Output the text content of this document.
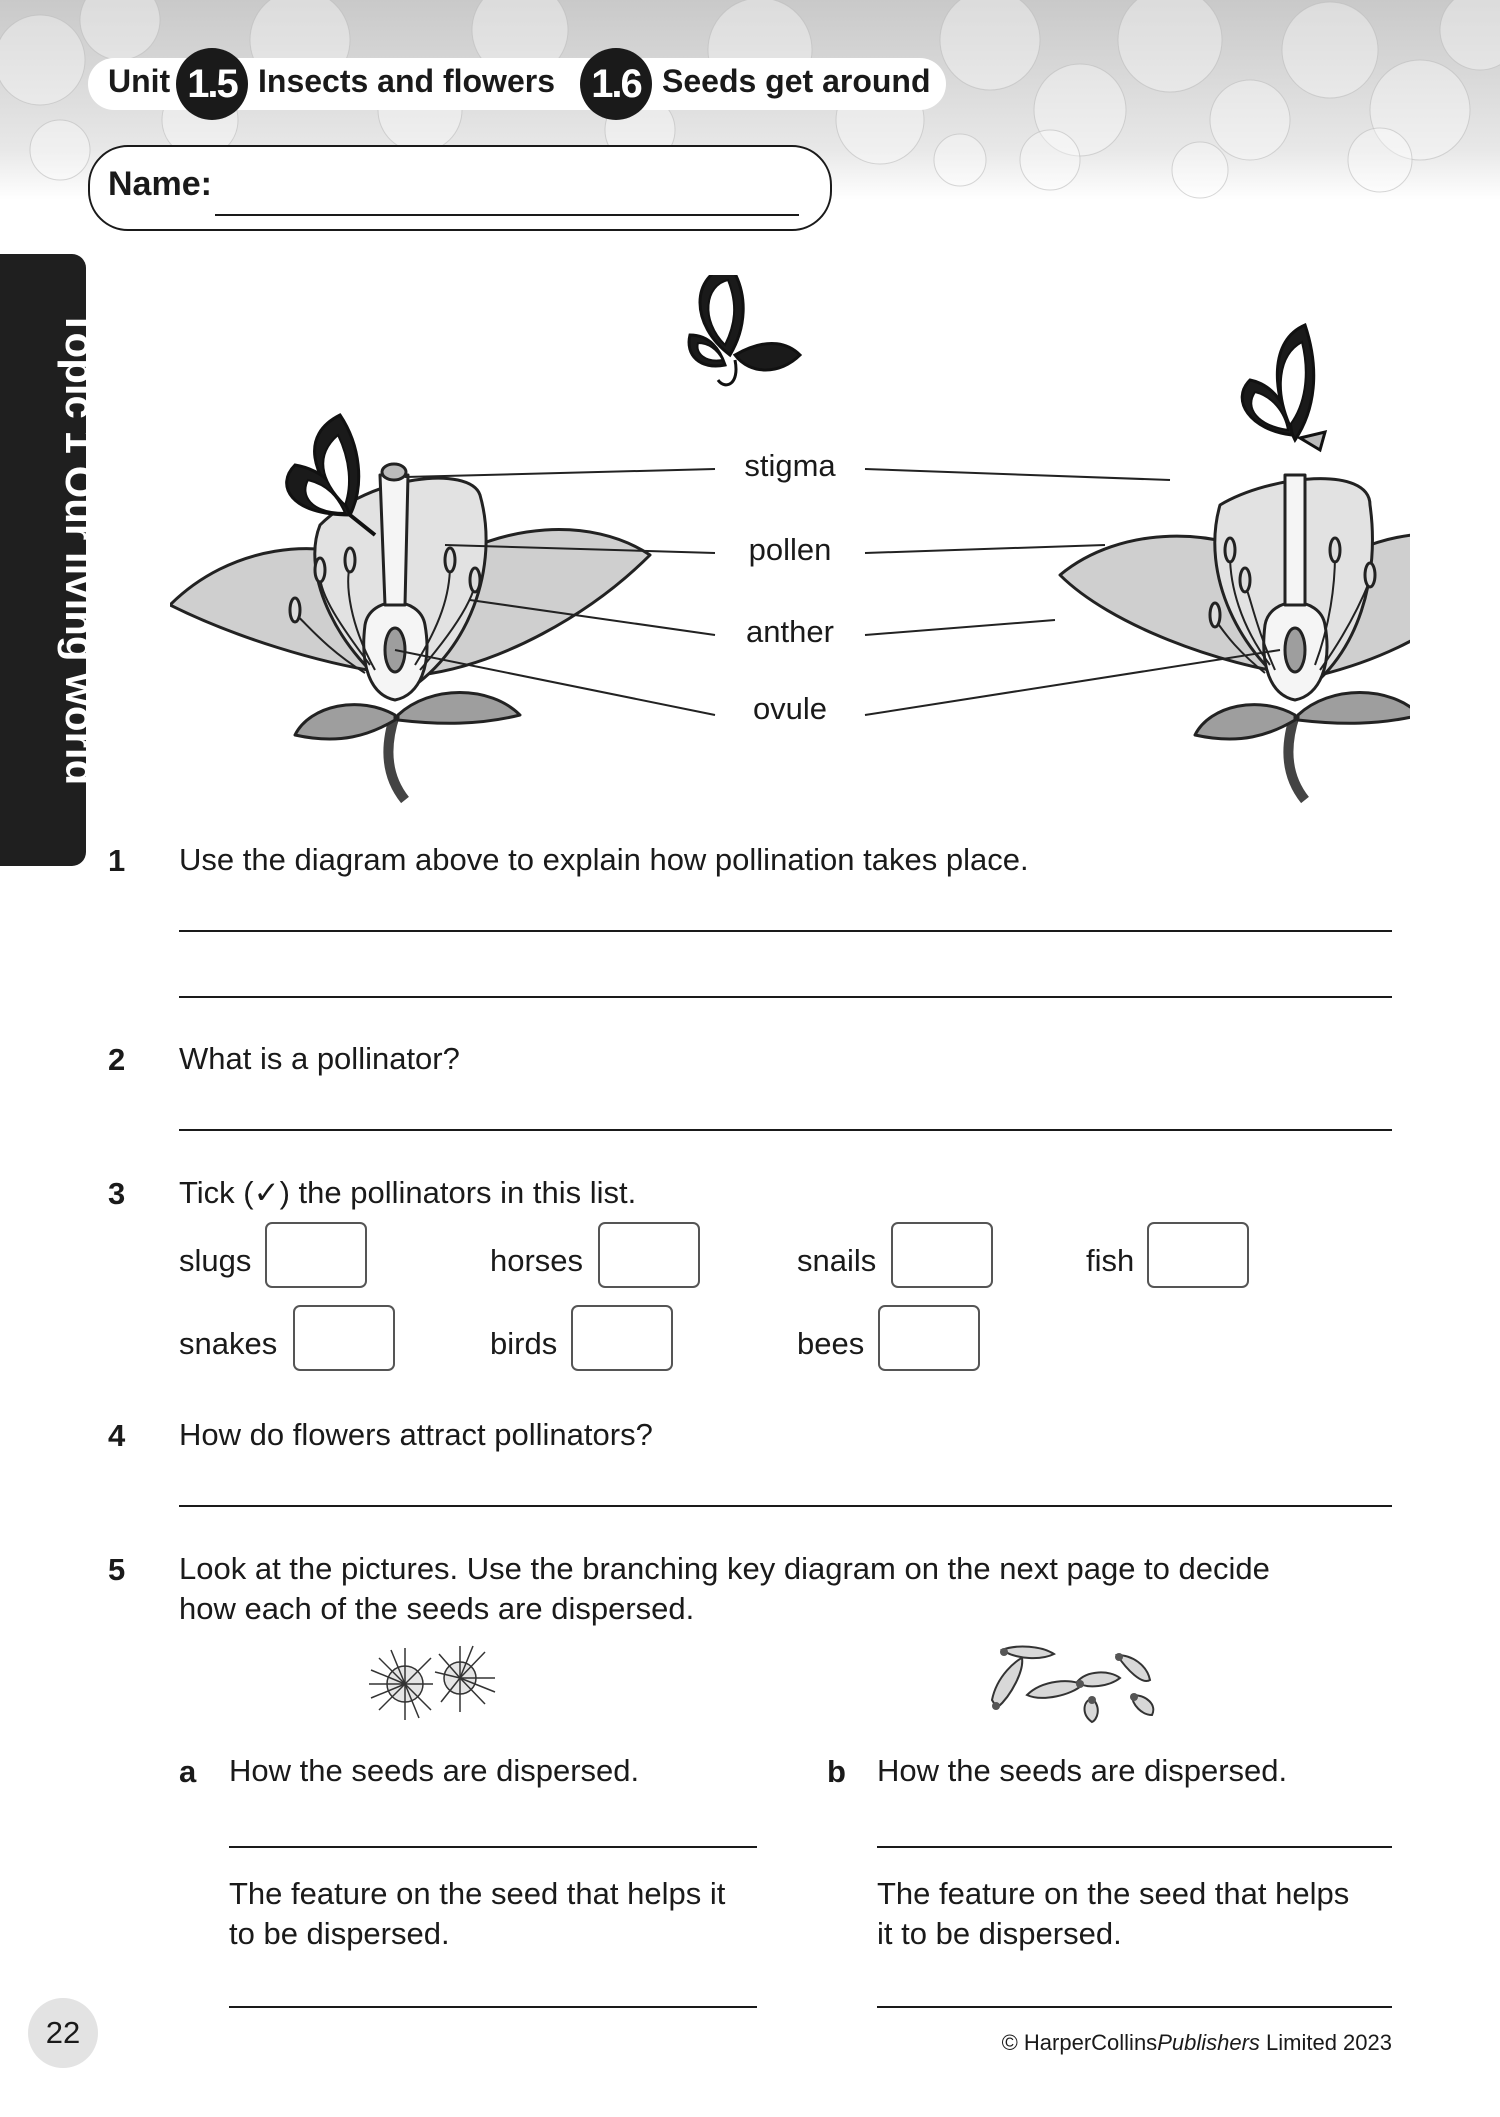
Unit 1.5 Insects and flowers 1.6 Seeds get around
Name:
Topic 1 Our living world	stigma
pollen
anther
ovule
1 Use the diagram above to explain how pollination takes place.
2 What is a pollinator?
3 Tick (✓) the pollinators in this list.
slugs	horses	snails	fish
snakes	birds	bees
4 How do flowers attract pollinators?
5 Look at the pictures. Use the branching key diagram on the next page to decide
how each of the seeds are dispersed.
a How the seeds are dispersed.
The feature on the seed that helps it
to be dispersed.
b How the seeds are dispersed.
The feature on the seed that helps
it to be dispersed.
22	© HarperCollinsPublishers Limited 2023
